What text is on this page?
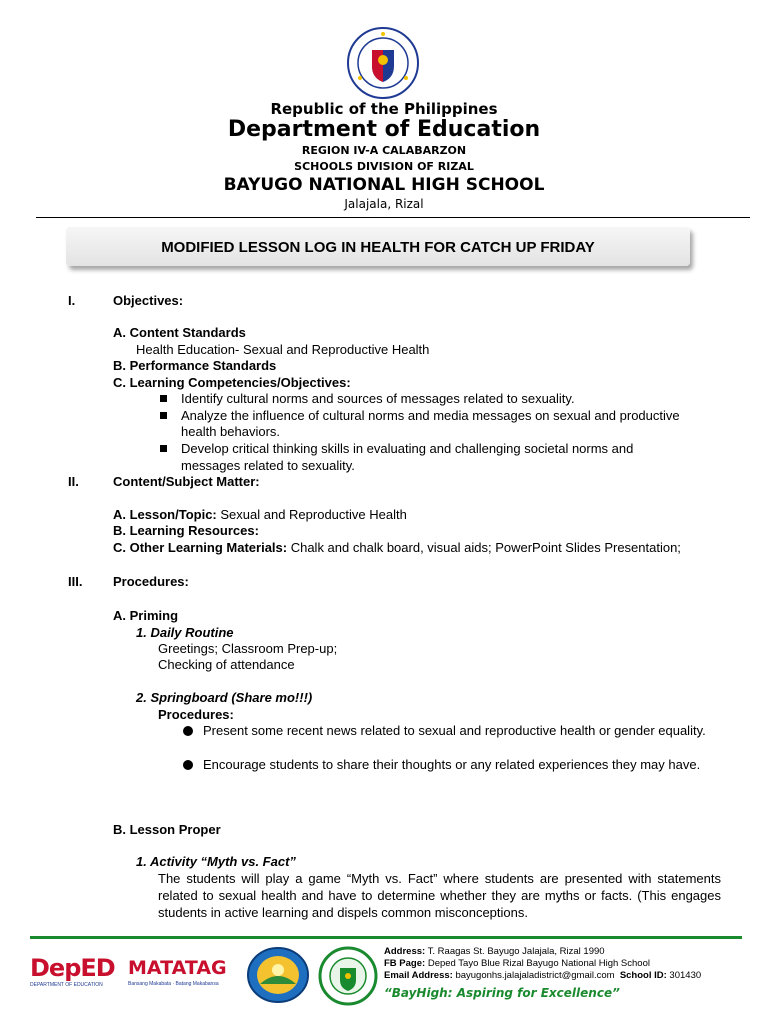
Republic of the Philippines
Department of Education
REGION IV-A CALABARZON
SCHOOLS DIVISION OF RIZAL
BAYUGO NATIONAL HIGH SCHOOL
Jalajala, Rizal
MODIFIED LESSON LOG IN HEALTH FOR CATCH UP FRIDAY
I.	Objectives:
A. Content Standards
Health Education- Sexual and Reproductive Health
B. Performance Standards
C. Learning Competencies/Objectives:
Identify cultural norms and sources of messages related to sexuality.
Analyze the influence of cultural norms and media messages on sexual and productive
health behaviors.
Develop critical thinking skills in evaluating and challenging societal norms and
messages related to sexuality.
II.	Content/Subject Matter:
A. Lesson/Topic: Sexual and Reproductive Health
B. Learning Resources:
C. Other Learning Materials: Chalk and chalk board, visual aids; PowerPoint Slides Presentation;
III. Procedures:
A. Priming
1. Daily Routine
Greetings; Classroom Prep-up;
Checking of attendance
2. Springboard (Share mo!!!)
Procedures:
Present some recent news related to sexual and reproductive health or gender equality.
Encourage students to share their thoughts or any related experiences they may have.
B. Lesson Proper
1. Activity “Myth vs. Fact”
The students will play a game “Myth vs. Fact” where students are presented with statements related to sexual health and have to determine whether they are myths or facts. (This engages students in active learning and dispels common misconceptions.
DepED
DEPARTMENT OF EDUCATION
MATATAG
Bansang Makabata · Batang Makabansa
Address: T. Raagas St. Bayugo Jalajala, Rizal 1990
FB Page: Deped Tayo Blue Rizal Bayugo National High School
Email Address: bayugonhs.jalajaladistrict@gmail.com School ID: 301430
“BayHigh: Aspiring for Excellence”
